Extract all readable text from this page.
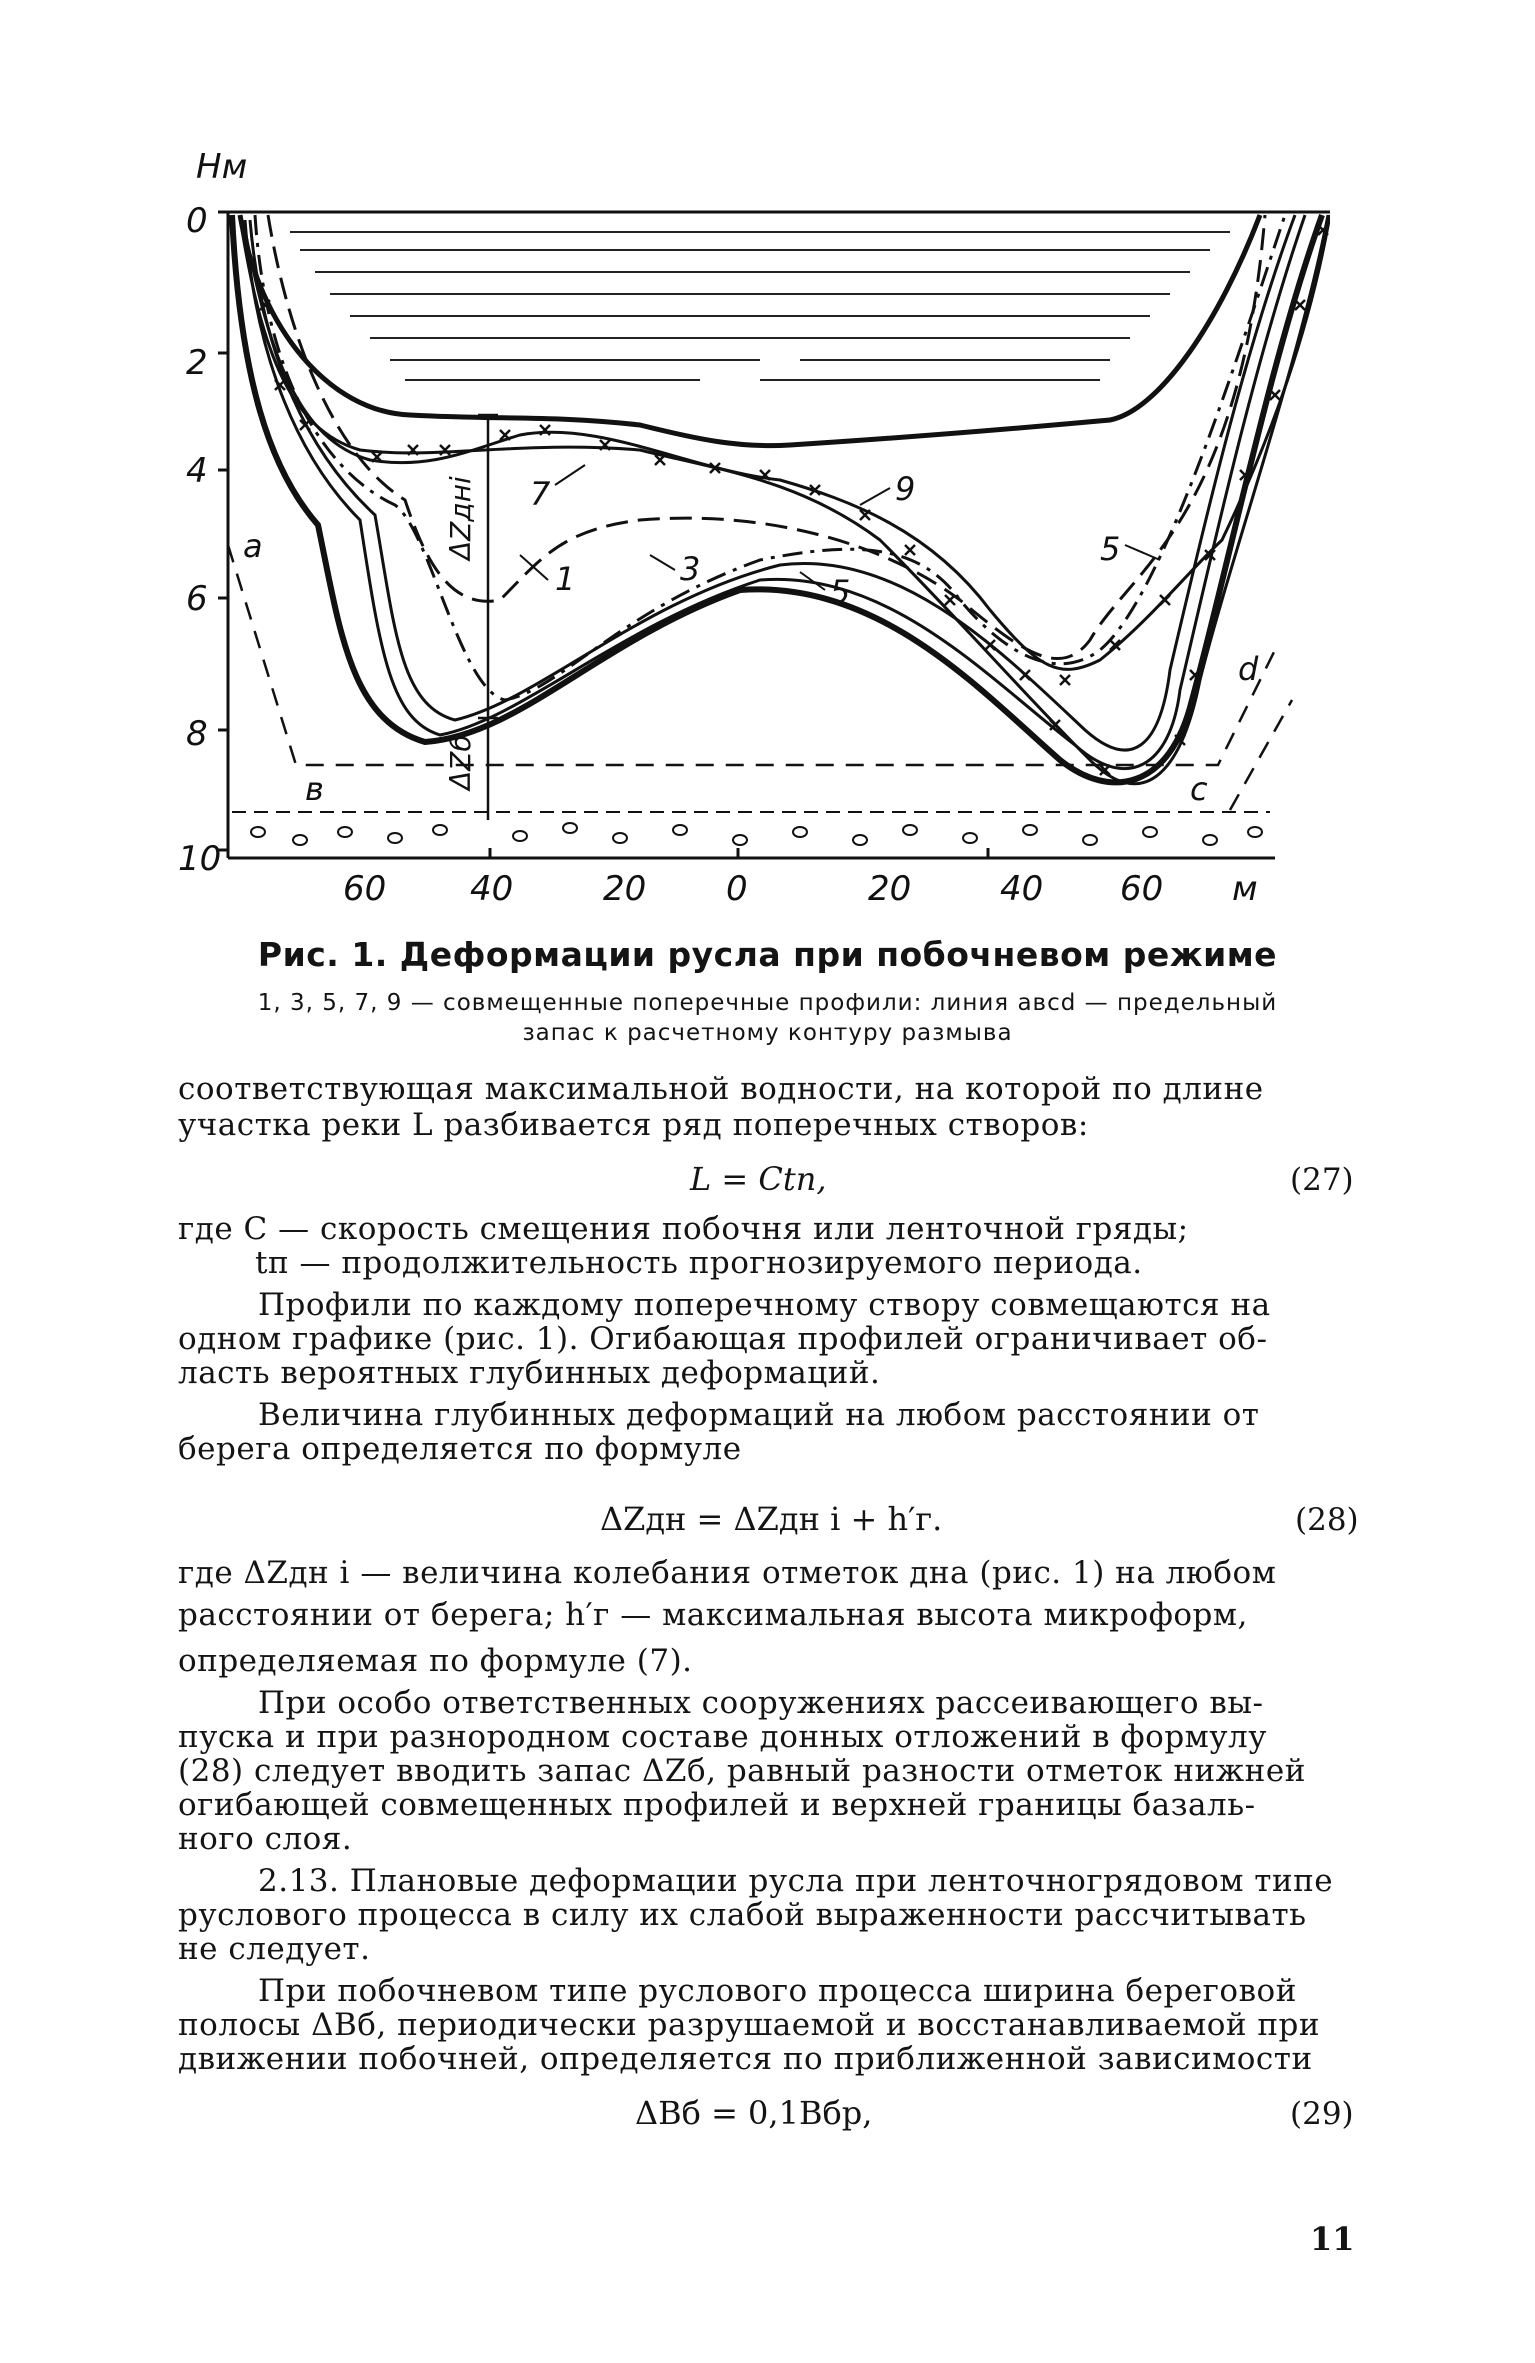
Hм
0
2
4
6
8
10
ΔZдні
ΔZб
1	3
5
7	9
5
a
в	c
d
60 40	20 0	20	40 60 м
Рис. 1. Деформации русла при побочневом режиме
1, 3, 5, 7, 9 — совмещенные поперечные профили: линия авсd — предельный
запас к расчетному контуру размыва
соответствующая максимальной водности, на которой по длине
участка реки L разбивается ряд поперечных створов:
L = Ctп,	(27)
где C — скорость смещения побочня или ленточной гряды;
tп — продолжительность прогнозируемого периода.
Профили по каждому поперечному створу совмещаются на
одном графике (рис. 1). Огибающая профилей ограничивает об-
ласть вероятных глубинных деформаций.
Величина глубинных деформаций на любом расстоянии от
берега определяется по формуле
ΔZдн = ΔZдн i + h′г.	(28)
где ΔZдн i — величина колебания отметок дна (рис. 1) на любом
расстоянии от берега; h′г — максимальная высота микроформ,
определяемая по формуле (7).
При особо ответственных сооружениях рассеивающего вы-
пуска и при разнородном составе донных отложений в формулу
(28) следует вводить запас ΔZб, равный разности отметок нижней
огибающей совмещенных профилей и верхней границы базаль-
ного слоя.
2.13. Плановые деформации русла при ленточногрядовом типе
руслового процесса в силу их слабой выраженности рассчитывать
не следует.
При побочневом типе руслового процесса ширина береговой
полосы ΔBб, периодически разрушаемой и восстанавливаемой при
движении побочней, определяется по приближенной зависимости
ΔBб = 0,1Bбр,	(29)
11
